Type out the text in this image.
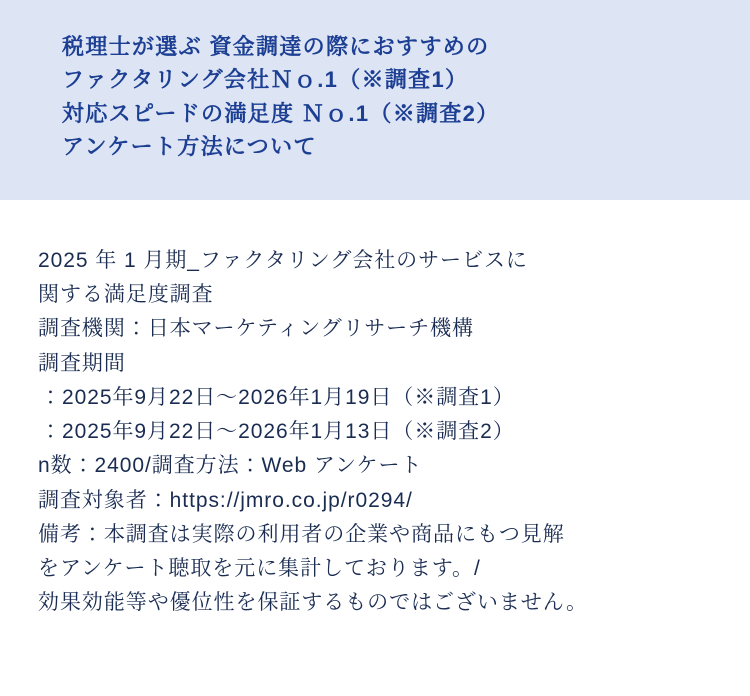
税理士が選ぶ 資金調達の際におすすめの
ファクタリング会社Ｎｏ.1（※調査1）
対応スピードの満足度 Ｎｏ.1（※調査2）
アンケート方法について
2025 年 1 月期_ファクタリング会社のサービスに
関する満足度調査
調査機関：日本マーケティングリサーチ機構
調査期間
：2025年9月22日〜2026年1月19日（※調査1）
：2025年9月22日〜2026年1月13日（※調査2）
n数：2400/調査方法：Web アンケート
調査対象者：https://jmro.co.jp/r0294/
備考：本調査は実際の利用者の企業や商品にもつ見解
をアンケート聴取を元に集計しております。/
効果効能等や優位性を保証するものではございません。
